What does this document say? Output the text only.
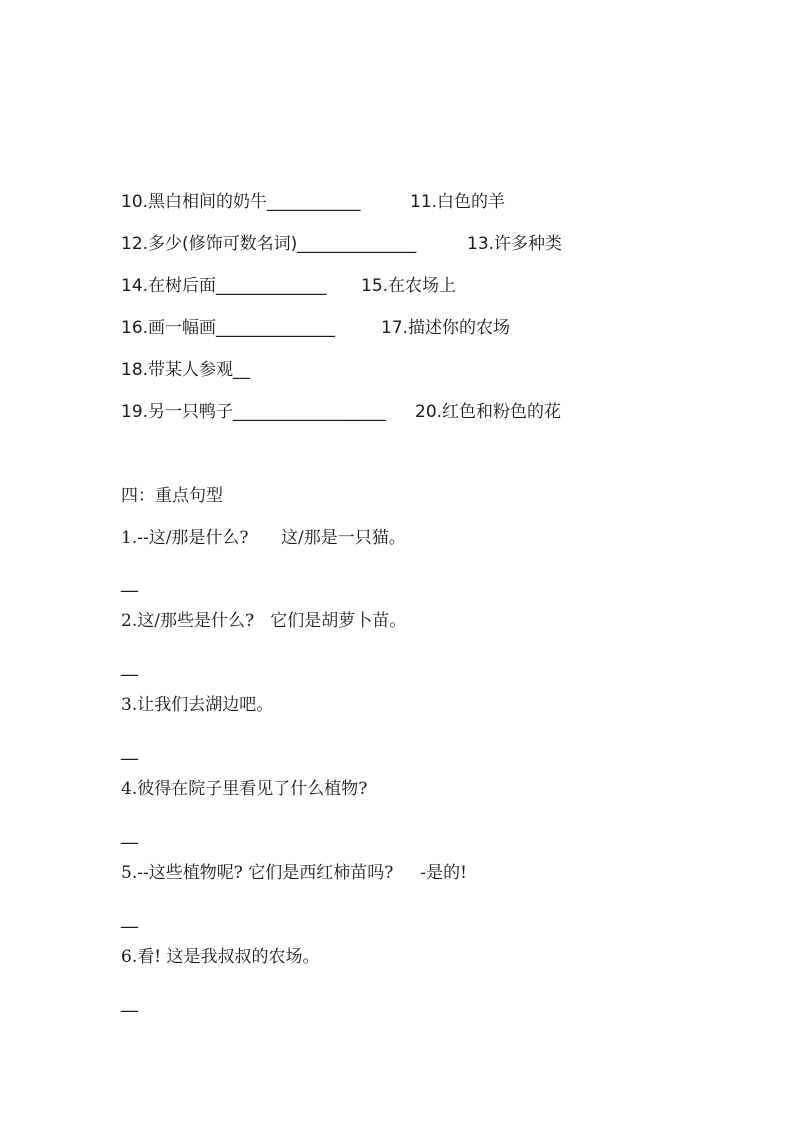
10.黑白相间的奶牛___________	11.白色的羊
12.多少(修饰可数名词)______________	13.许多种类
14.在树后面_____________ 15.在农场上
16.画一幅画______________	17.描述你的农场
18.带某人参观__
19.另一只鸭子__________________ 20.红色和粉色的花
四：重点句型
1.--这/那是什么?      这/那是一只猫。
__
2.这/那些是什么?   它们是胡萝卜苗。
__
3.让我们去湖边吧。
__
4.彼得在院子里看见了什么植物?
__
5.--这些植物呢? 它们是西红柿苗吗?     -是的!
__
6.看! 这是我叔叔的农场。
__
